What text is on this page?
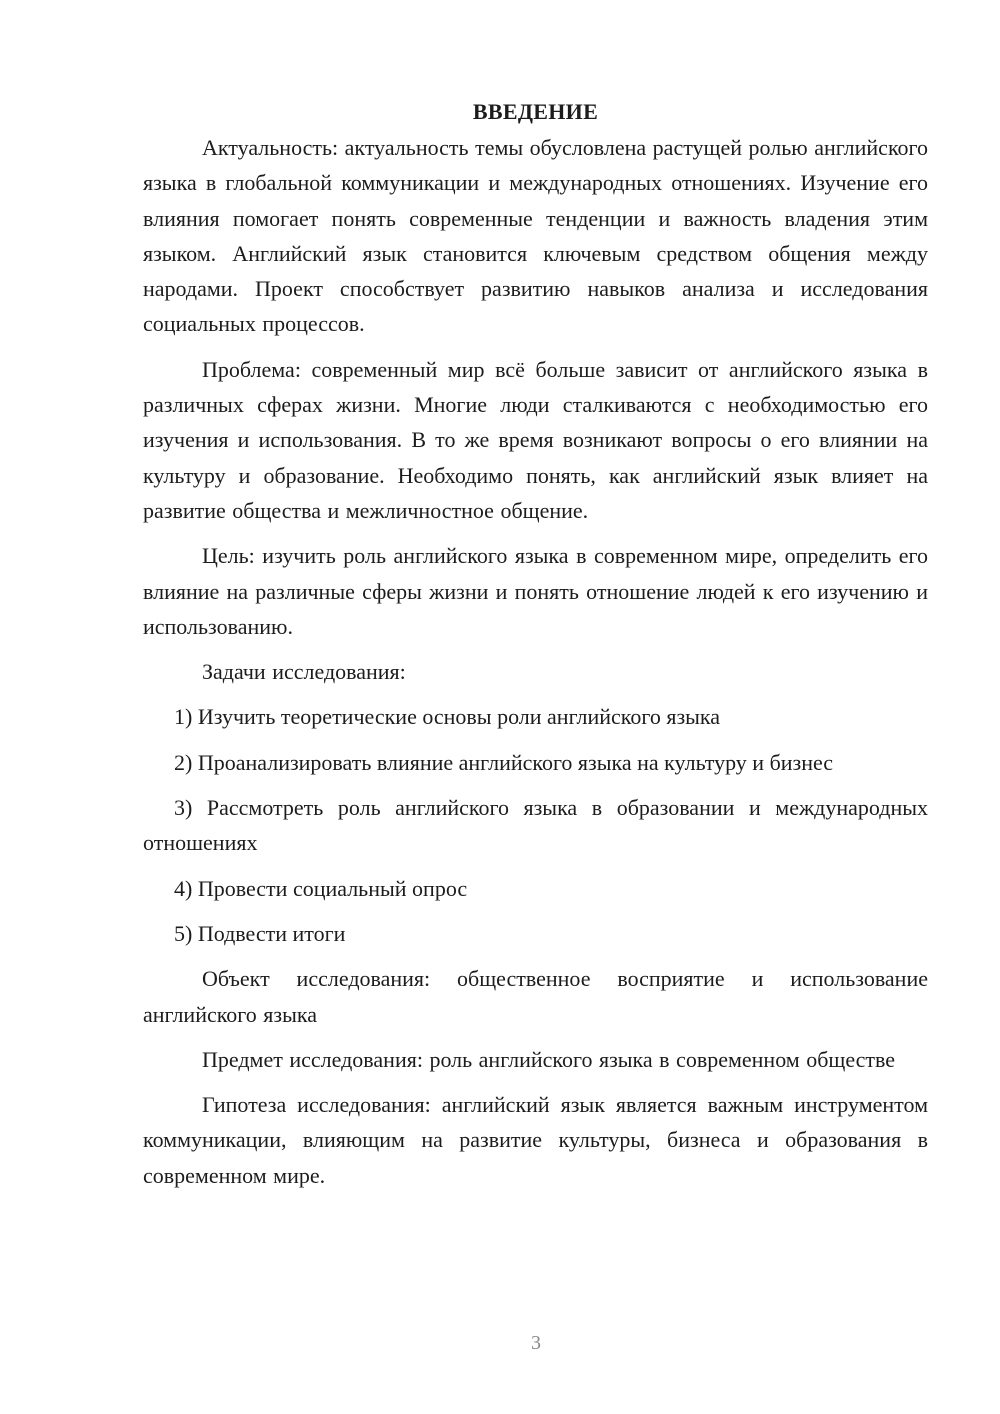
ВВЕДЕНИЕ

Актуальность: актуальность темы обусловлена растущей ролью английского языка в глобальной коммуникации и международных отношениях. Изучение его влияния помогает понять современные тенденции и важность владения этим языком. Английский язык становится ключевым средством общения между народами. Проект способствует развитию навыков анализа и исследования социальных процессов.

Проблема: современный мир всё больше зависит от английского языка в различных сферах жизни. Многие люди сталкиваются с необходимостью его изучения и использования. В то же время возникают вопросы о его влиянии на культуру и образование. Необходимо понять, как английский язык влияет на развитие общества и межличностное общение.

Цель: изучить роль английского языка в современном мире, определить его влияние на различные сферы жизни и понять отношение людей к его изучению и использованию.

Задачи исследования:

1) Изучить теоретические основы роли английского языка

2) Проанализировать влияние английского языка на культуру и бизнес

3) Рассмотреть роль английского языка в образовании и международных отношениях

4) Провести социальный опрос

5) Подвести итоги

Объект исследования: общественное восприятие и использование английского языка

Предмет исследования: роль английского языка в современном обществе

Гипотеза исследования: английский язык является важным инструментом коммуникации, влияющим на развитие культуры, бизнеса и образования в современном мире.

3
